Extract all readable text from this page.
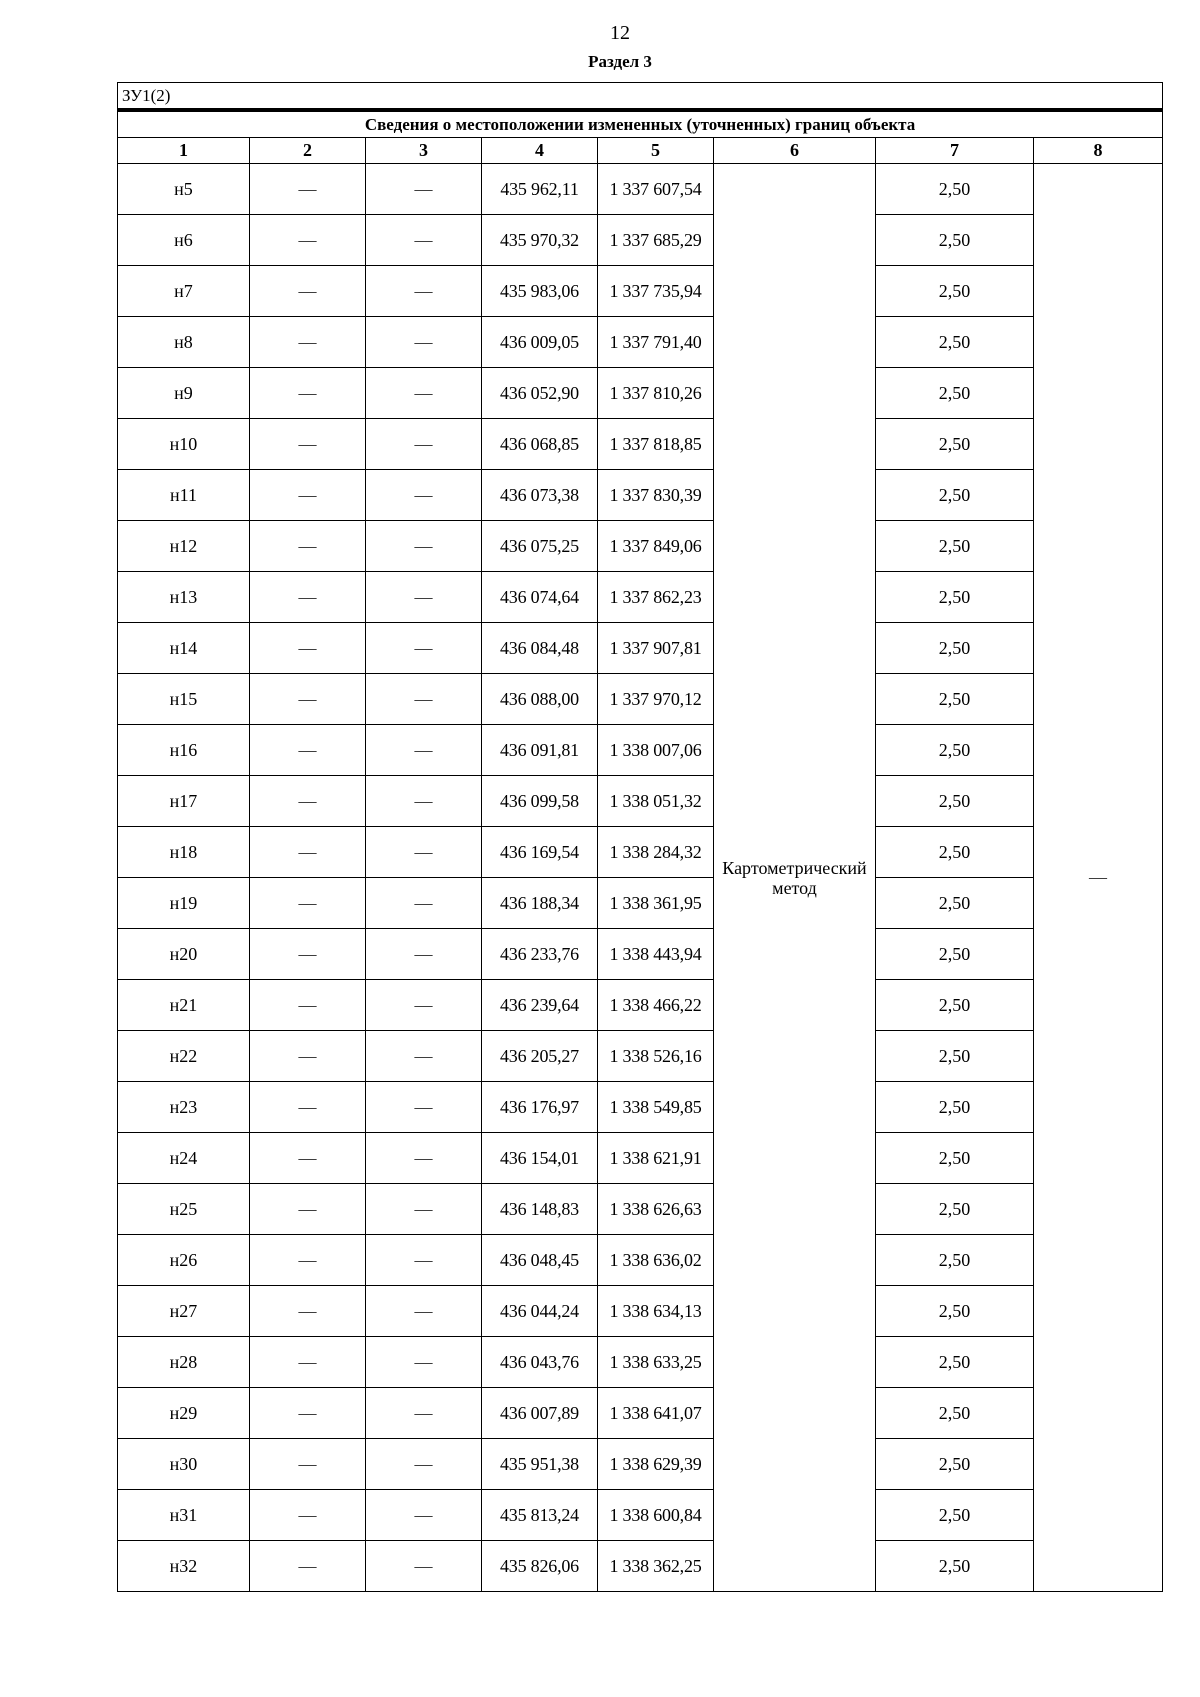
12
Раздел 3
ЗУ1(2)							
Сведения о местоположении измененных (уточненных) границ объекта							
1	2	3	4	5	6	7	8
н5	—	—	435 962,11	1 337 607,54	Картометрический метод	2,50	—
н6	—	—	435 970,32	1 337 685,29		2,50	
н7	—	—	435 983,06	1 337 735,94		2,50	
н8	—	—	436 009,05	1 337 791,40		2,50	
н9	—	—	436 052,90	1 337 810,26		2,50	
н10	—	—	436 068,85	1 337 818,85		2,50	
н11	—	—	436 073,38	1 337 830,39		2,50	
н12	—	—	436 075,25	1 337 849,06		2,50	
н13	—	—	436 074,64	1 337 862,23		2,50	
н14	—	—	436 084,48	1 337 907,81		2,50	
н15	—	—	436 088,00	1 337 970,12		2,50	
н16	—	—	436 091,81	1 338 007,06		2,50	
н17	—	—	436 099,58	1 338 051,32		2,50	
н18	—	—	436 169,54	1 338 284,32		2,50	
н19	—	—	436 188,34	1 338 361,95		2,50	
н20	—	—	436 233,76	1 338 443,94		2,50	
н21	—	—	436 239,64	1 338 466,22		2,50	
н22	—	—	436 205,27	1 338 526,16		2,50	
н23	—	—	436 176,97	1 338 549,85		2,50	
н24	—	—	436 154,01	1 338 621,91		2,50	
н25	—	—	436 148,83	1 338 626,63		2,50	
н26	—	—	436 048,45	1 338 636,02		2,50	
н27	—	—	436 044,24	1 338 634,13		2,50	
н28	—	—	436 043,76	1 338 633,25		2,50	
н29	—	—	436 007,89	1 338 641,07		2,50	
н30	—	—	435 951,38	1 338 629,39		2,50	
н31	—	—	435 813,24	1 338 600,84		2,50	
н32	—	—	435 826,06	1 338 362,25		2,50	
